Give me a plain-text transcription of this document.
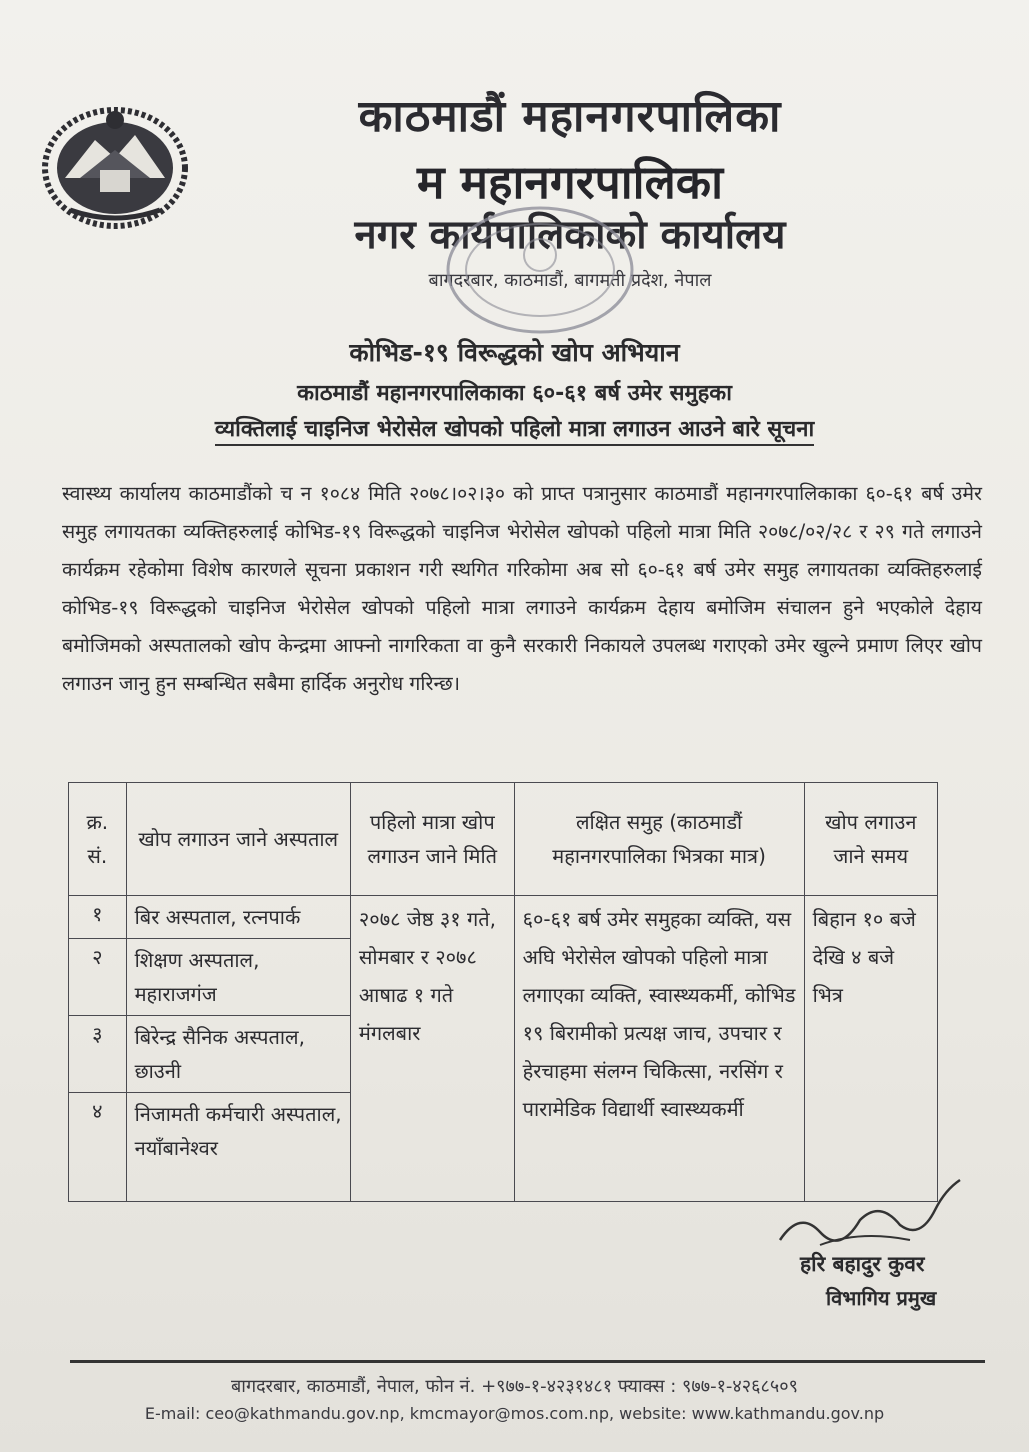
काठमाडौं महानगरपालिका
म महानगरपालिका
नगर कार्यपालिकाको कार्यालय
बागदरबार, काठमाडौं, बागमती प्रदेश, नेपाल
कोभिड-१९ विरूद्धको खोप अभियान
काठमाडौं महानगरपालिकाका ६०-६१ बर्ष उमेर समुहका
व्यक्तिलाई चाइनिज भेरोसेल खोपको पहिलो मात्रा लगाउन आउने बारे सूचना
स्वास्थ्य कार्यालय काठमाडौंको च न १०८४ मिति २०७८।०२।३० को प्राप्त पत्रानुसार काठमाडौं महानगरपालिकाका ६०-६१ बर्ष उमेर समुह लगायतका व्यक्तिहरुलाई कोभिड-१९ विरूद्धको चाइनिज भेरोसेल खोपको पहिलो मात्रा मिति २०७८/०२/२८ र २९ गते लगाउने कार्यक्रम रहेकोमा विशेष कारणले सूचना प्रकाशन गरी स्थगित गरिकोमा अब सो ६०-६१ बर्ष उमेर समुह लगायतका व्यक्तिहरुलाई कोभिड-१९ विरूद्धको चाइनिज भेरोसेल खोपको पहिलो मात्रा लगाउने कार्यक्रम देहाय बमोजिम संचालन हुने भएकोले देहाय बमोजिमको अस्पतालको खोप केन्द्रमा आफ्नो नागरिकता वा कुनै सरकारी निकायले उपलब्ध गराएको उमेर खुल्ने प्रमाण लिएर खोप लगाउन जानु हुन सम्बन्धित सबैमा हार्दिक अनुरोध गरिन्छ।
क्र. सं.	खोप लगाउन जाने अस्पताल	पहिलो मात्रा खोप लगाउन जाने मिति	लक्षित समुह (काठमाडौं महानगरपालिका भित्रका मात्र)	खोप लगाउन जाने समय
१	बिर अस्पताल, रत्नपार्क	२०७८ जेष्ठ ३१ गते, सोमबार र २०७८ आषाढ १ गते मंगलबार	६०-६१ बर्ष उमेर समुहका व्यक्ति, यस अघि भेरोसेल खोपको पहिलो मात्रा लगाएका व्यक्ति, स्वास्थ्यकर्मी, कोभिड १९ बिरामीको प्रत्यक्ष जाच, उपचार र हेरचाहमा संलग्न चिकित्सा, नरसिंग र पारामेडिक विद्यार्थी स्वास्थ्यकर्मी	बिहान १० बजे देखि ४ बजे भित्र
२	शिक्षण अस्पताल, महाराजगंज			
३	बिरेन्द्र सैनिक अस्पताल, छाउनी			
४	निजामती कर्मचारी अस्पताल, नयाँबानेश्वर			
हरि बहादुर कुवर
विभागिय प्रमुख
बागदरबार, काठमाडौं, नेपाल, फोन नं. +९७७-१-४२३१४८१ फ्याक्स : ९७७-१-४२६८५०९
E-mail: ceo@kathmandu.gov.np, kmcmayor@mos.com.np, website: www.kathmandu.gov.np
